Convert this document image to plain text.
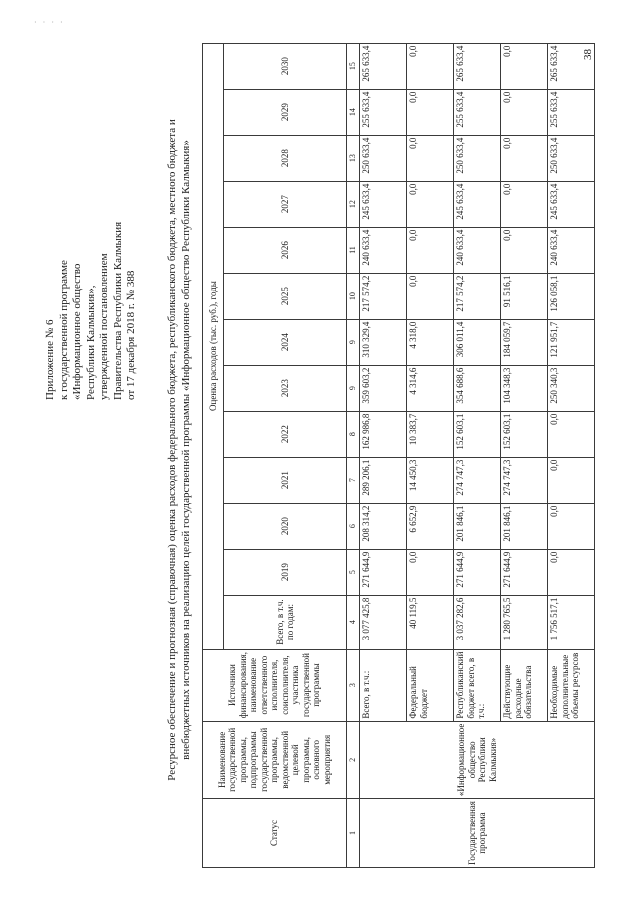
· · · ·
38
Приложение № 6 к государственной программе «Информационное общество Республики Калмыкия», утвержденной постановлением Правительства Республики Калмыкия от 17 декабря 2018 г. № 388	Ресурсное обеспечение и прогнозная (справочная) оценка расходов федерального бюджета, республиканского бюджета, местного бюджета и внебюджетных источников на реализацию целей государственной программы «Информационное общество Республики Калмыкия»
Статус	Наименование государственной программы, подпрограммы государственной программы, ведомственной целевой программы, основного мероприятия	Источники финансирования, наименование ответственного исполнителя, соисполнителя, участника государственной программы	Оценка расходов (тыс. руб.), годы												
			Всего, в т.ч. по годам:	2019	2020	2021	2022	2023	2024	2025	2026	2027	2028	2029	2030
1	2	3	4	5	6	7	8	9	9	10	11	12	13	14	15
Государственная программа	«Информационное общество Республики Калмыкия»	Всего, в т.ч.:	3 077 425,8	271 644,9	208 314,2	289 206,1	162 986,8	359 603,2	310 329,4	217 574,2	240 633,4	245 633,4	250 633,4	255 633,4	265 633,4
		Федеральный бюджет	40 119,5	0,0	6 652,9	14 450,3	10 383,7	4 314,6	4 318,0	0,0	0,0	0,0	0,0	0,0	0,0
		Республиканский бюджет всего, в т.ч.:	3 037 282,6	271 644,9	201 846,1	274 747,3	152 603,1	354 688,6	306 011,4	217 574,2	240 633,4	245 633,4	250 633,4	255 633,4	265 633,4
		Действующие расходные обязательства	1 280 765,5	271 644,9	201 846,1	274 747,3	152 603,1	104 348,3	184 059,7	91 516,1	0,0	0,0	0,0	0,0	0,0
		Необходимые дополнительные объемы ресурсов	1 756 517,1	0,0	0,0	0,0	0,0	250 340,3	121 951,7	126 058,1	240 633,4	245 633,4	250 633,4	255 633,4	265 633,4
